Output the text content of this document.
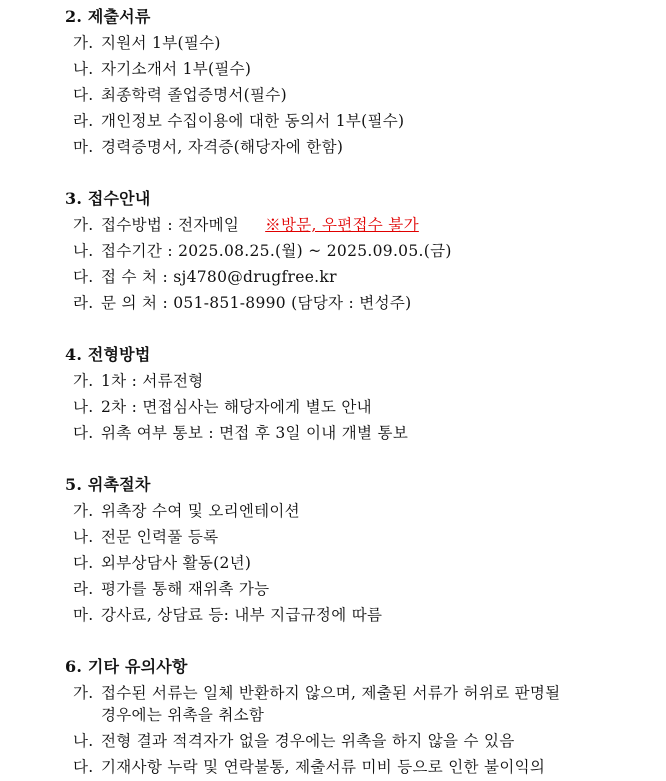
2. 제출서류
가. 지원서 1부(필수)
나. 자기소개서 1부(필수)
다. 최종학력 졸업증명서(필수)
라. 개인정보 수집이용에 대한 동의서 1부(필수)
마. 경력증명서, 자격증(해당자에 한함)
3. 접수안내
가. 접수방법 : 전자메일 ※방문, 우편접수 불가
나. 접수기간 : 2025.08.25.(월) ~ 2025.09.05.(금)
다. 접 수 처 : sj4780@drugfree.kr
라. 문 의 처 : 051-851-8990 (담당자 : 변성주)
4. 전형방법
가. 1차 : 서류전형
나. 2차 : 면접심사는 해당자에게 별도 안내
다. 위촉 여부 통보 : 면접 후 3일 이내 개별 통보
5. 위촉절차
가. 위촉장 수여 및 오리엔테이션
나. 전문 인력풀 등록
다. 외부상담사 활동(2년)
라. 평가를 통해 재위촉 가능
마. 강사료, 상담료 등: 내부 지급규정에 따름
6. 기타 유의사항
가. 접수된 서류는 일체 반환하지 않으며, 제출된 서류가 허위로 판명될
경우에는 위촉을 취소함
나. 전형 결과 적격자가 없을 경우에는 위촉을 하지 않을 수 있음
다. 기재사항 누락 및 연락불통, 제출서류 미비 등으로 인한 불이익의
